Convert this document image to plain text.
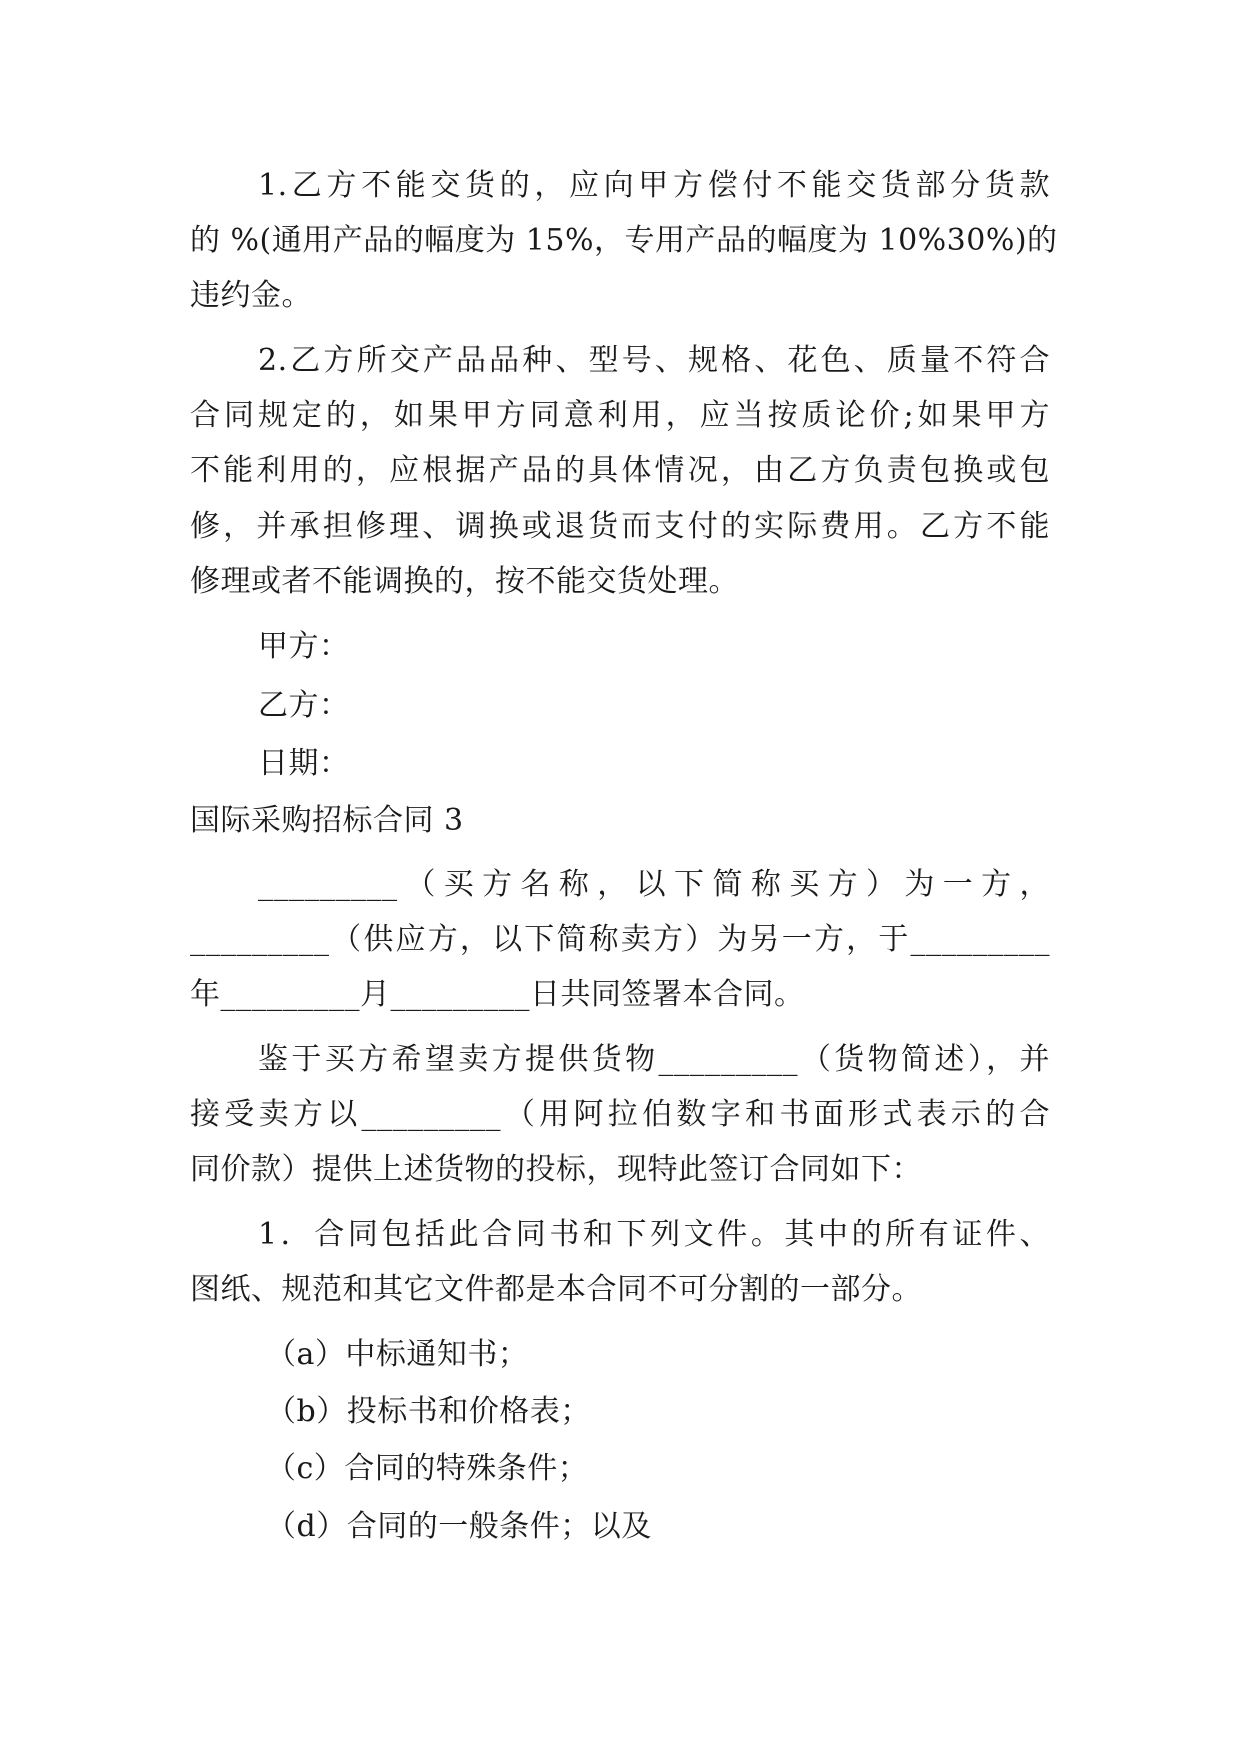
1.乙方不能交货的，应向甲方偿付不能交货部分货款
的 %(通用产品的幅度为 15%，专用产品的幅度为 10%30%)的
违约金。
2.乙方所交产品品种、型号、规格、花色、质量不符合
合同规定的，如果甲方同意利用，应当按质论价;如果甲方
不能利用的，应根据产品的具体情况，由乙方负责包换或包
修，并承担修理、调换或退货而支付的实际费用。乙方不能
修理或者不能调换的，按不能交货处理。
甲方：
乙方：
日期：
国际采购招标合同 3
_________（买方名称，以下简称买方）为一方，
_________（供应方，以下简称卖方）为另一方，于_________
年_________月_________日共同签署本合同。
鉴于买方希望卖方提供货物_________（货物简述），并
接受卖方以_________（用阿拉伯数字和书面形式表示的合
同价款）提供上述货物的投标，现特此签订合同如下：
1．合同包括此合同书和下列文件。其中的所有证件、
图纸、规范和其它文件都是本合同不可分割的一部分。
（a）中标通知书；
（b）投标书和价格表；
（c）合同的特殊条件；
（d）合同的一般条件；以及
